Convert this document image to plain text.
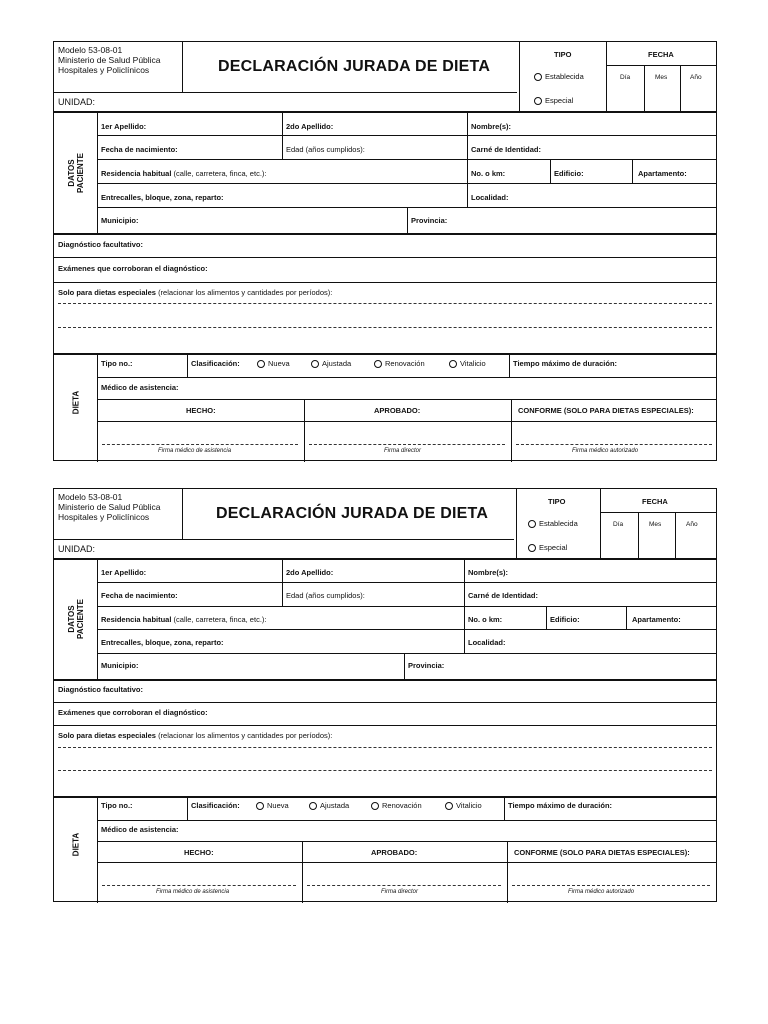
Modelo 53-08-01
Ministerio de Salud Pública
Hospitales y Policlínicos	DECLARACIÓN JURADA DE DIETA
TIPO
Establecida
Especial
FECHA
Día	Mes	Año
UNIDAD:
DATOS
PACIENTE
1er Apellido:	2do Apellido:	Nombre(s):
Fecha de nacimiento:	Edad (años cumplidos):	Carné de Identidad:
Residencia habitual (calle, carretera, finca, etc.):	No. o km:	Edificio:	Apartamento:
Entrecalles, bloque, zona, reparto:	Localidad:
Municipio:	Provincia:
Diagnóstico facultativo:
Exámenes que corroboran el diagnóstico:
Solo para dietas especiales (relacionar los alimentos y cantidades por períodos):
DIETA
Tipo no.:	Clasificación:	Nueva	Ajustada	Renovación	Vitalicio	Tiempo máximo de duración:
Médico de asistencia:
HECHO:	APROBADO:	CONFORME (SOLO PARA DIETAS ESPECIALES):
Firma médico de asistencia	Firma director	Firma médico autorizado
Modelo 53-08-01
Ministerio de Salud Pública
Hospitales y Policlínicos	DECLARACIÓN JURADA DE DIETA
TIPO
Establecida
Especial
FECHA
Día	Mes	Año
UNIDAD:
DATOS
PACIENTE
1er Apellido:	2do Apellido:	Nombre(s):
Fecha de nacimiento:	Edad (años cumplidos):	Carné de Identidad:
Residencia habitual (calle, carretera, finca, etc.):	No. o km:	Edificio:	Apartamento:
Entrecalles, bloque, zona, reparto:	Localidad:
Municipio:	Provincia:
Diagnóstico facultativo:
Exámenes que corroboran el diagnóstico:
Solo para dietas especiales (relacionar los alimentos y cantidades por períodos):
DIETA
Tipo no.:	Clasificación:	Nueva	Ajustada	Renovación	Vitalicio	Tiempo máximo de duración:
Médico de asistencia:
HECHO:	APROBADO:	CONFORME (SOLO PARA DIETAS ESPECIALES):
Firma médico de asistencia	Firma director	Firma médico autorizado
